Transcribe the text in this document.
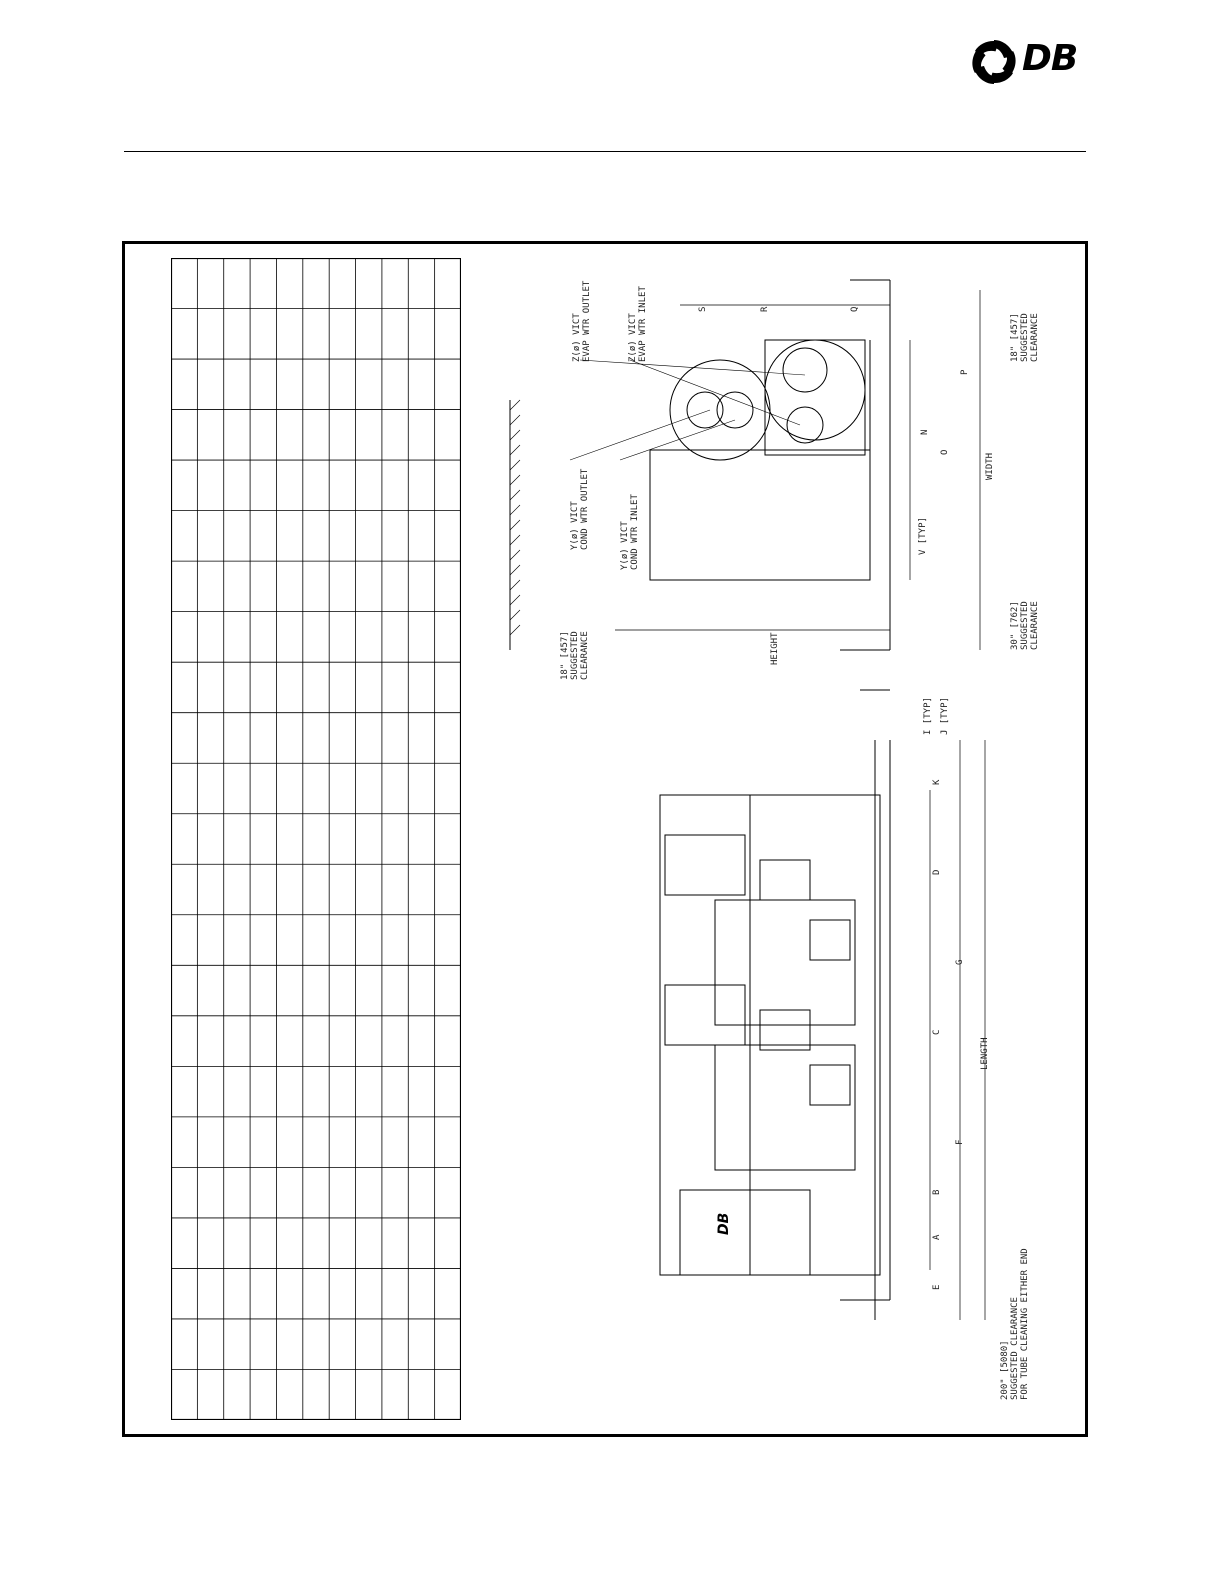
DB
DB
Z(ø) VICT
EVAP WTR OUTLET
Z(ø) VICT
EVAP WTR INLET
Y(ø) VICT
COND WTR OUTLET
Y(ø) VICT
COND WTR INLET
18" [457]
SUGGESTED
CLEARANCE
18" [457]
SUGGESTED
CLEARANCE
30" [762]
SUGGESTED
CLEARANCE
HEIGHT
WIDTH
S	R	Q
P
N
O
V [TYP]
LENGTH
200" [5080]
SUGGESTED CLEARANCE
FOR TUBE CLEANING EITHER END
I [TYP] J [TYP]
A
B
C
D
E
F
G
K
